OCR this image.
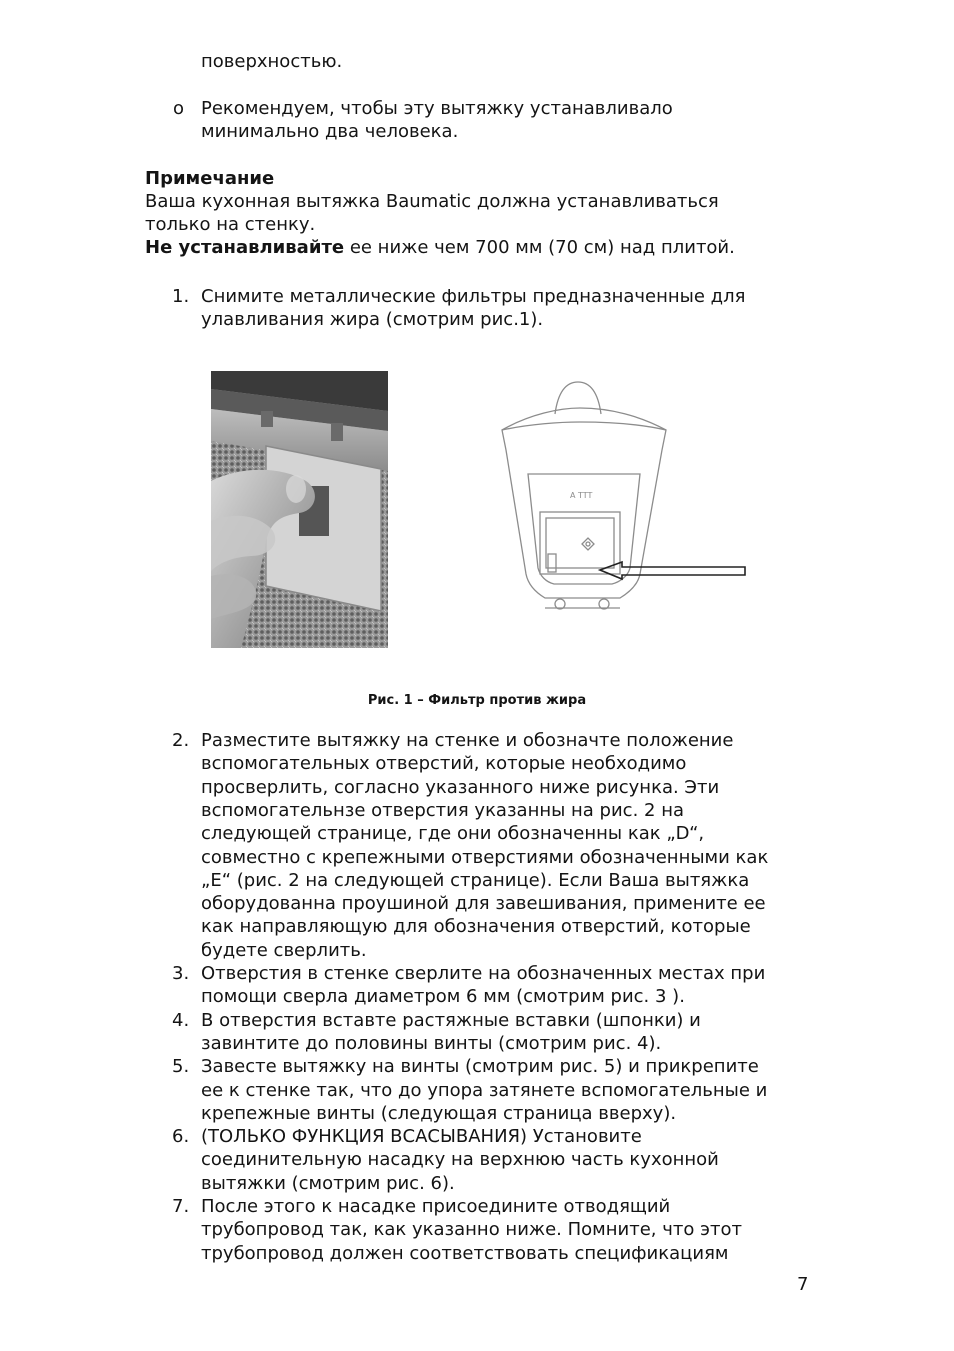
поверхностью.

o Рекомендуем, чтобы эту вытяжку устанавливало

минимально два человека.

Примечание

Ваша кухонная вытяжка Baumatic должна устанавливаться

только на стенку.

Не устанавливайте ее ниже чем 700 мм (70 см) над плитой.

1. Снимите металлические фильтры предназначенные для

улавливания жира (смотрим рис.1).

A TTT
Рис. 1 – Фильтр против жира

2. Разместите вытяжку на стенке и обозначте положение

вспомогательных отверстий, которые необходимо

просверлить, согласно указанного ниже рисунка. Эти

вспомогательнзе отверстия указанны на рис. 2 на

следующей странице, где они обозначенны как „D“,

совместно с крепежными отверстиями обозначенными как

„E“ (рис. 2 на следующей странице). Если Ваша вытяжка

оборудованна проушиной для завешивания, примените ее

как направляющую для обозначения отверстий, которые

будете сверлить.

3. Отверстия в стенке сверлите на обозначенных местах при

помощи сверла диаметром 6 мм (смотрим рис. 3 ).

4. В отверстия вставте растяжные вставки (шпонки) и

завинтите до половины винты (смотрим рис. 4).

5. Завесте вытяжку на винты (смотрим рис. 5) и прикрепите

ее к стенке так, что до упора затянете вспомогательные и

крепежные винты (следующая страница вверху).

6. (ТОЛЬКО ФУНКЦИЯ ВСАСЫВАНИЯ) Установите

соединительную насадку на верхнюю часть кухонной

вытяжки (смотрим рис. 6).

7. После этого к насадке присоедините отводящий

трубопровод так, как указанно ниже. Помните, что этот

трубопровод должен соответствовать спецификациям

7
